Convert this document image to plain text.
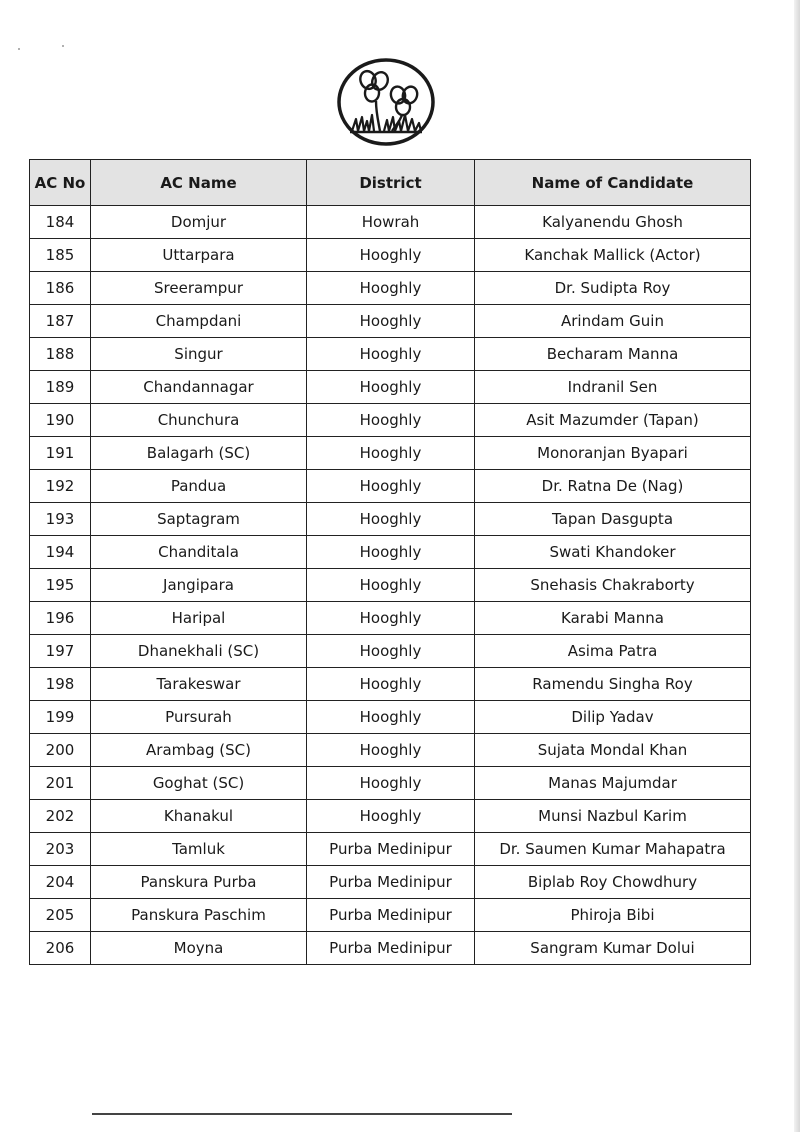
AC No	AC Name	District	Name of Candidate
184	Domjur	Howrah	Kalyanendu Ghosh
185	Uttarpara	Hooghly	Kanchak Mallick (Actor)
186	Sreerampur	Hooghly	Dr. Sudipta Roy
187	Champdani	Hooghly	Arindam Guin
188	Singur	Hooghly	Becharam Manna
189	Chandannagar	Hooghly	Indranil Sen
190	Chunchura	Hooghly	Asit Mazumder (Tapan)
191	Balagarh (SC)	Hooghly	Monoranjan Byapari
192	Pandua	Hooghly	Dr. Ratna De (Nag)
193	Saptagram	Hooghly	Tapan Dasgupta
194	Chanditala	Hooghly	Swati Khandoker
195	Jangipara	Hooghly	Snehasis Chakraborty
196	Haripal	Hooghly	Karabi Manna
197	Dhanekhali (SC)	Hooghly	Asima Patra
198	Tarakeswar	Hooghly	Ramendu Singha Roy
199	Pursurah	Hooghly	Dilip Yadav
200	Arambag (SC)	Hooghly	Sujata Mondal Khan
201	Goghat (SC)	Hooghly	Manas Majumdar
202	Khanakul	Hooghly	Munsi Nazbul Karim
203	Tamluk	Purba Medinipur	Dr. Saumen Kumar Mahapatra
204	Panskura Purba	Purba Medinipur	Biplab Roy Chowdhury
205	Panskura Paschim	Purba Medinipur	Phiroja Bibi
206	Moyna	Purba Medinipur	Sangram Kumar Dolui
